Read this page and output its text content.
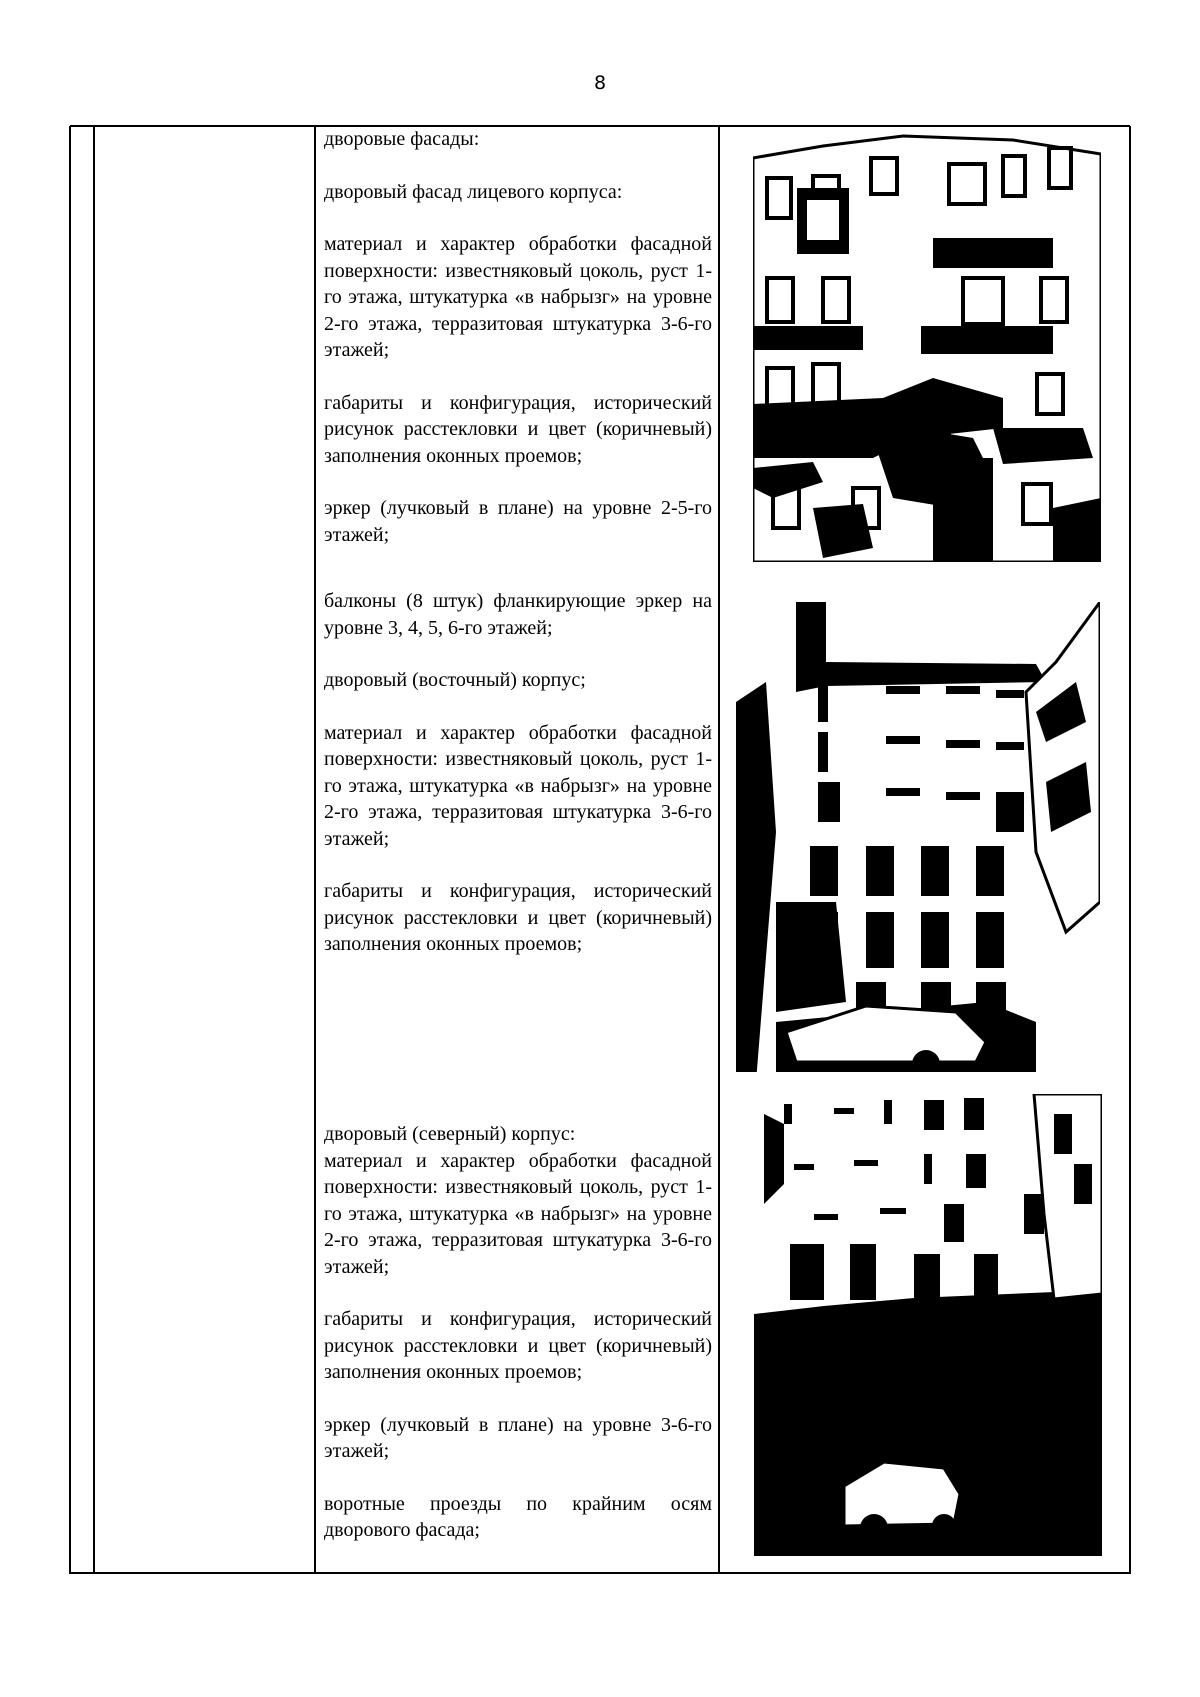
8

дворовые фасады:

дворовый фасад лицевого корпуса:

материал и характер обработки фасадной поверхности: известняковый цоколь, руст 1-го этажа, штукатурка «в набрызг» на уровне 2-го этажа, терразитовая штукатурка 3-6-го этажей;

габариты и конфигурация, исторический рисунок расстекловки и цвет (коричневый) заполнения оконных проемов;

эркер (лучковый в плане) на уровне 2-5-го этажей;

балконы (8 штук) фланкирующие эркер на уровне 3, 4, 5, 6-го этажей;

дворовый (восточный) корпус;

материал и характер обработки фасадной поверхности: известняковый цоколь, руст 1-го этажа, штукатурка «в набрызг» на уровне 2-го этажа, терразитовая штукатурка 3-6-го этажей;

габариты и конфигурация, исторический рисунок расстекловки и цвет (коричневый) заполнения оконных проемов;

дворовый (северный) корпус:

материал и характер обработки фасадной поверхности: известняковый цоколь, руст 1-го этажа, штукатурка «в набрызг» на уровне 2-го этажа, терразитовая штукатурка 3-6-го этажей;

габариты и конфигурация, исторический рисунок расстекловки и цвет (коричневый) заполнения оконных проемов;

эркер (лучковый в плане) на уровне 3-6-го этажей;

воротные проезды по крайним осям дворового фасада;
